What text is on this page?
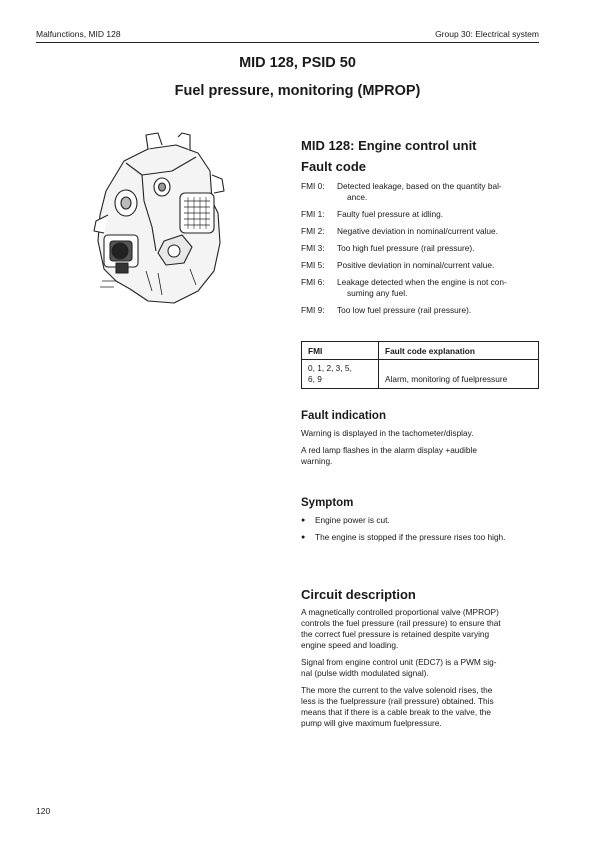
Malfunctions, MID 128	Group 30: Electrical system
MID 128, PSID 50
Fuel pressure, monitoring (MPROP)

MID 128: Engine control unit

Fault code

FMI 0:	Detected leakage, based on the quantity bal-
ance.
FMI 1:	Faulty fuel pressure at idling.
FMI 2:	Negative deviation in nominal/current value.
FMI 3:	Too high fuel pressure (rail pressure).
FMI 5:	Positive deviation in nominal/current value.
FMI 6:	Leakage detected when the engine is not con-
suming any fuel.
FMI 9:	Too low fuel pressure (rail pressure).
FMI	Fault code explanation
0, 1, 2, 3, 5,
6, 9	Alarm, monitoring of fuelpressure

Fault indication

Warning is displayed in the tachometer/display.

A red lamp flashes in the alarm display +audible
warning.

Symptom

●	Engine power is cut.
●	The engine is stopped if the pressure rises too high.

Circuit description

A magnetically controlled proportional valve (MPROP)
controls the fuel pressure (rail pressure) to ensure that
the correct fuel pressure is retained despite varying
engine speed and loading.

Signal from engine control unit (EDC7) is a PWM sig-
nal (pulse width modulated signal).

The more the current to the valve solenoid rises, the
less is the fuelpressure (rail pressure) obtained. This
means that if there is a cable break to the valve, the
pump will give maximum fuelpressure.

120
